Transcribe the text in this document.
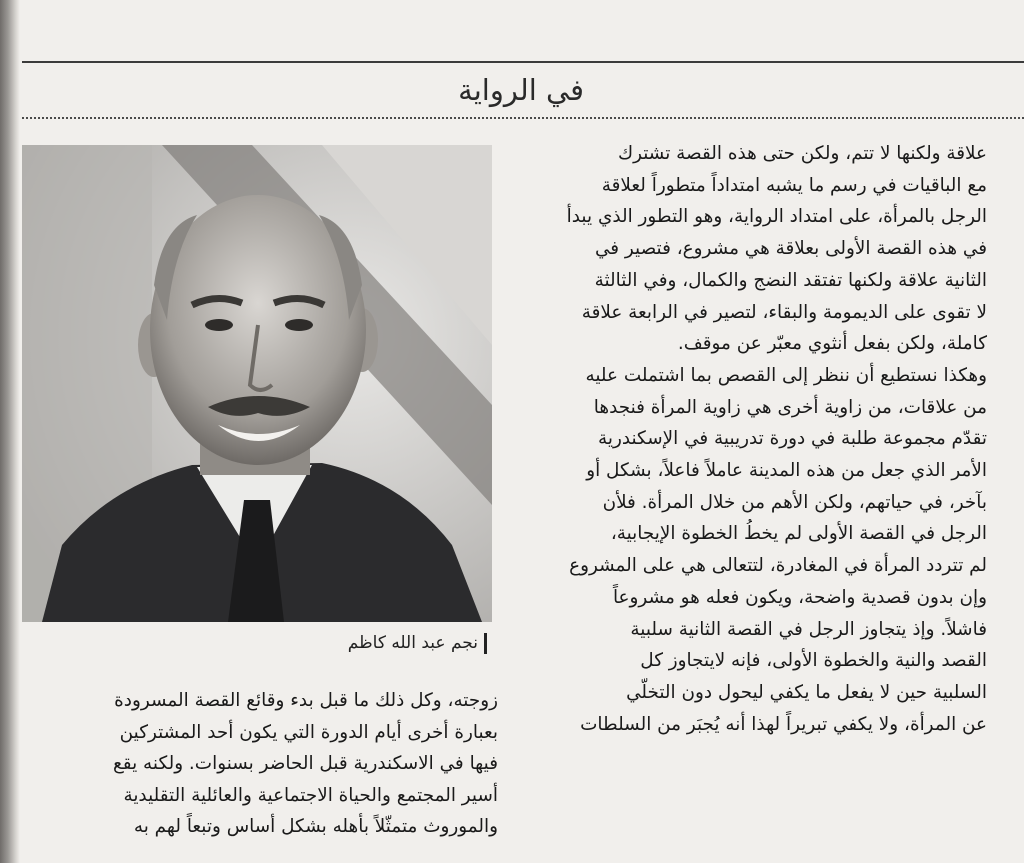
في الرواية
علاقة ولكنها لا تتم، ولكن حتى هذه القصة تشترك
مع الباقيات في رسم ما يشبه امتداداً متطوراً لعلاقة
الرجل بالمرأة، على امتداد الرواية، وهو التطور الذي يبدأ
في هذه القصة الأولى بعلاقة هي مشروع، فتصير في
الثانية علاقة ولكنها تفتقد النضج والكمال، وفي الثالثة
لا تقوى على الديمومة والبقاء، لتصير في الرابعة علاقة
كاملة، ولكن بفعل أنثوي معبّر عن موقف.
وهكذا نستطيع أن ننظر إلى القصص بما اشتملت عليه
من علاقات، من زاوية أخرى هي زاوية المرأة فنجدها
تقدّم مجموعة طلبة في دورة تدريبية في الإسكندرية
الأمر الذي جعل من هذه المدينة عاملاً فاعلاً، بشكل أو
بآخر، في حياتهم، ولكن الأهم من خلال المرأة. فلأن
الرجل في القصة الأولى لم يخطُ الخطوة الإيجابية،
لم تتردد المرأة في المغادرة، لتتعالى هي على المشروع
وإن بدون قصدية واضحة، ويكون فعله هو مشروعاً
فاشلاً. وإذ يتجاوز الرجل في القصة الثانية سلبية
القصد والنية والخطوة الأولى، فإنه لايتجاوز كل
السلبية حين لا يفعل ما يكفي ليحول دون التخلّي
عن المرأة، ولا يكفي تبريراً لهذا أنه يُجبَر من السلطات
نجم عبد الله كاظم
زوجته، وكل ذلك ما قبل بدء وقائع القصة المسرودة
بعبارة أخرى أيام الدورة التي يكون أحد المشتركين
فيها في الاسكندرية قبل الحاضر بسنوات. ولكنه يقع
أسير المجتمع والحياة الاجتماعية والعائلية التقليدية
والموروث متمثّلاً بأهله بشكل أساس وتبعاً لهم به
